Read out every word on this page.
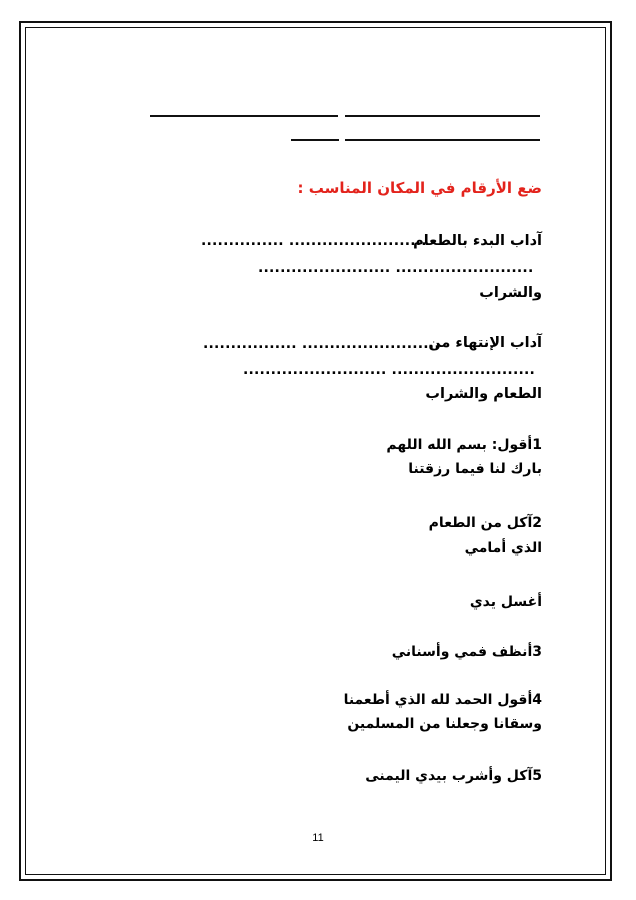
ضع الأرقام في المكان المناسب :
آداب البدء بالطعام
............... .........................
........................ .........................
والشراب
آداب الإنتهاء من
................. .........................
.......................... ..........................
الطعام والشراب
1أقول: بسم الله اللهم
بارك لنا فيما رزقتنا
2آكل من الطعام
الذي أمامي
أغسل يدي
3أنظف فمي وأسناني
4أقول الحمد لله الذي أطعمنا
وسقانا وجعلنا من المسلمين
5آكل وأشرب بيدي اليمنى
11
